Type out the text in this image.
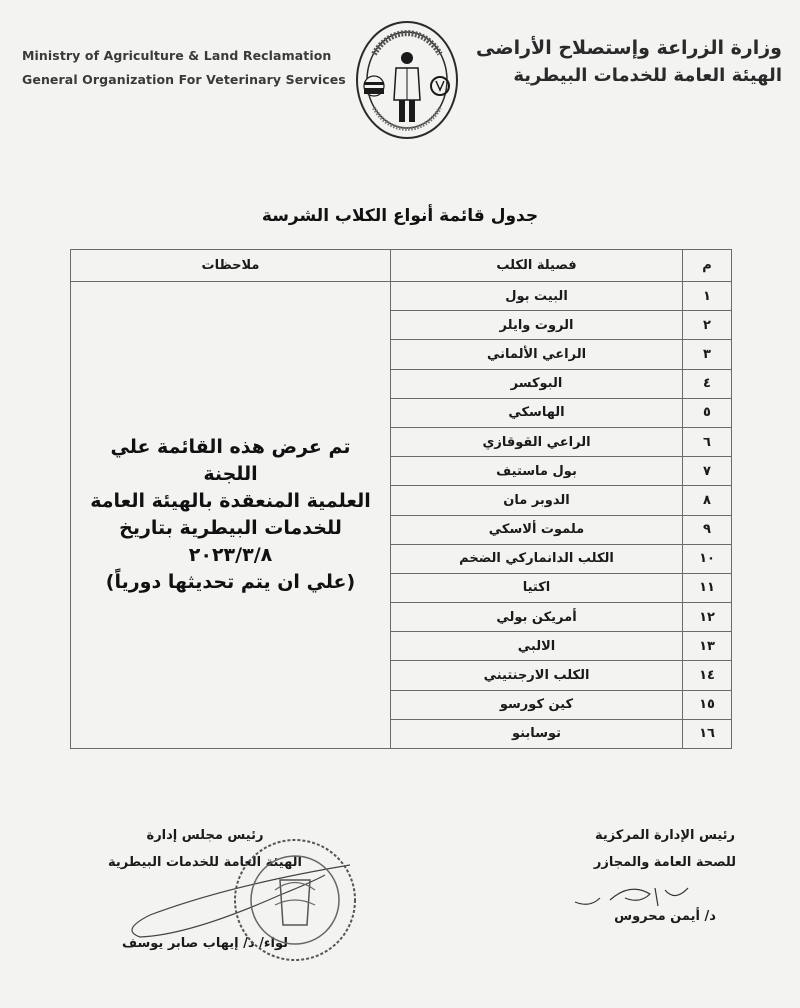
Ministry of Agriculture & Land Reclamation
General Organization For Veterinary Services
وزارة الزراعة وإستصلاح الأراضى
الهيئة العامة للخدمات البيطرية
جدول قائمة أنواع الكلاب الشرسة
م	فصيلة الكلب	ملاحظات
١	البيت بول	تم عرض هذه القائمة علي اللجنة
العلمية المنعقدة بالهيئة العامة
للخدمات البيطرية بتاريخ ٢٠٢٣/٣/٨
(علي ان يتم تحديثها دورياً)

٢	الروت وايلر	
٣	الراعي الألماني	
٤	البوكسر	
٥	الهاسكي	
٦	الراعي القوقازي	
٧	بول ماستيف	
٨	الدوبر مان	
٩	ملموت ألاسكي	
١٠	الكلب الدانماركي الضخم	
١١	اكتيا	
١٢	أمريكن بولي	
١٣	الالبي	
١٤	الكلب الارجنتيني	
١٥	كين كورسو	
١٦	توسابنو	
رئيس الإدارة المركزية
للصحة العامة والمجازر
د/ أيمن محروس
رئيس مجلس إدارة
الهيئة العامة للخدمات البيطرية
لواء/ د/ إيهاب صابر يوسف
